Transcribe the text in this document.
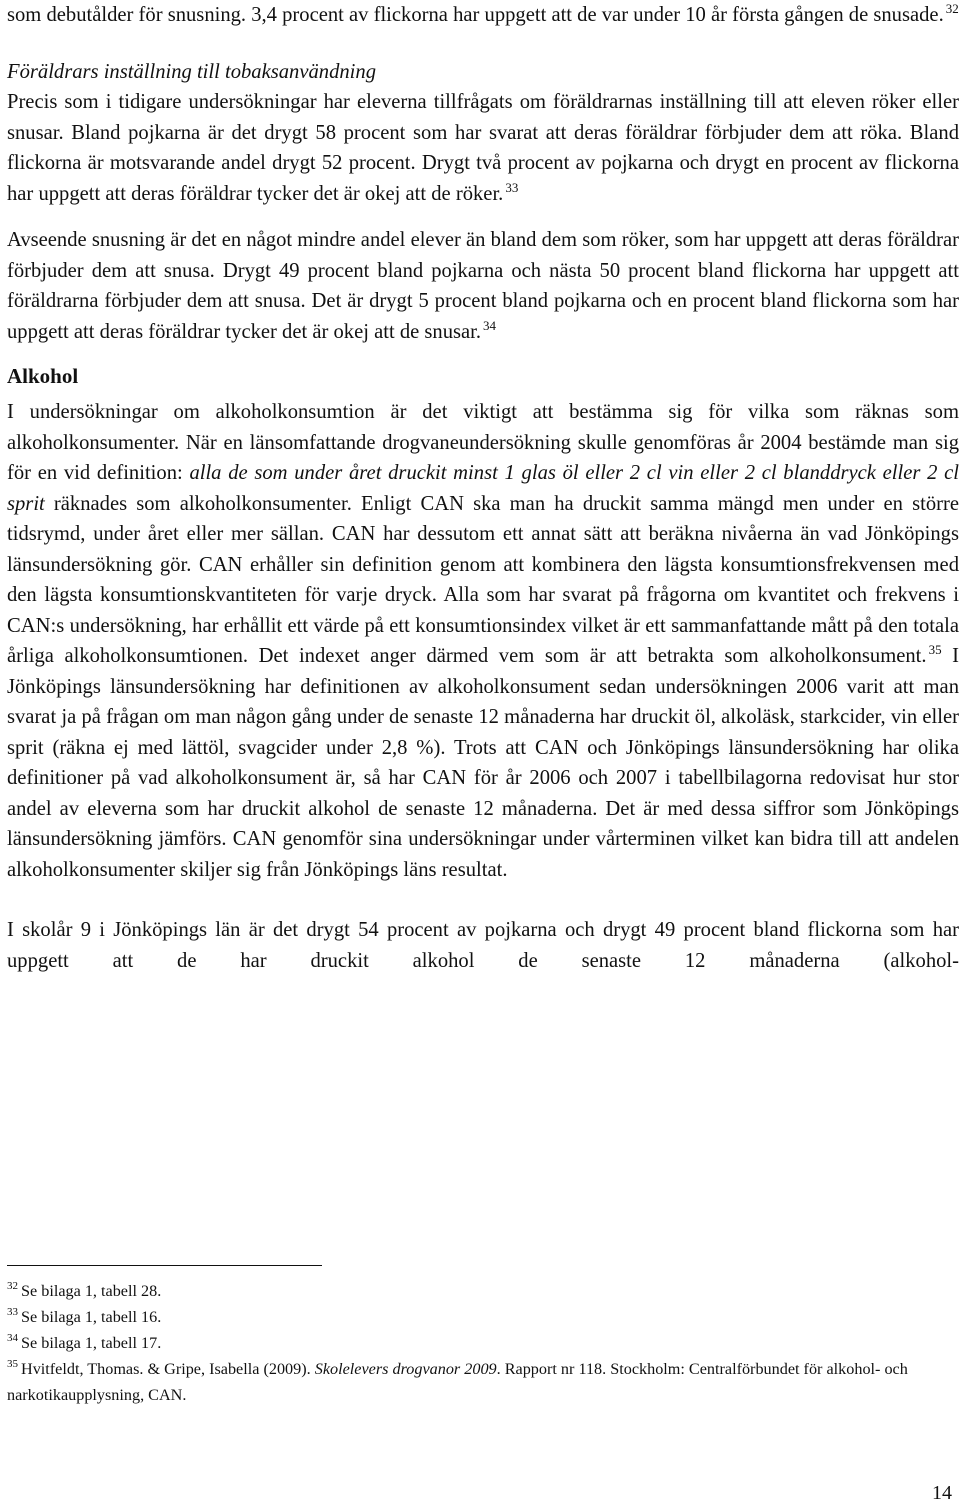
som debutålder för snusning. 3,4 procent av flickorna har uppgett att de var under 10 år första gången de snusade. $^{32}$

Föräldrars inställning till tobaksanvändning

Precis som i tidigare undersökningar har eleverna tillfrågats om föräldrarnas inställning till att eleven röker eller snusar. Bland pojkarna är det drygt 58 procent som har svarat att deras föräldrar förbjuder dem att röka. Bland flickorna är motsvarande andel drygt 52 procent. Drygt två procent av pojkarna och drygt en procent av flickorna har uppgett att deras föräldrar tycker det är okej att de röker. $^{33}$

Avseende snusning är det en något mindre andel elever än bland dem som röker, som har uppgett att deras föräldrar förbjuder dem att snusa. Drygt 49 procent bland pojkarna och nästa 50 procent bland flickorna har uppgett att föräldrarna förbjuder dem att snusa. Det är drygt 5 procent bland pojkarna och en procent bland flickorna som har uppgett att deras föräldrar tycker det är okej att de snusar. $^{34}$

Alkohol

I undersökningar om alkoholkonsumtion är det viktigt att bestämma sig för vilka som räknas som alkoholkonsumenter. När en länsomfattande drogvaneundersökning skulle genomföras år 2004 bestämde man sig för en vid definition: alla de som under året druckit minst 1 glas öl eller 2 cl vin eller 2 cl blanddryck eller 2 cl sprit räknades som alkoholkonsumenter. Enligt CAN ska man ha druckit samma mängd men under en större tidsrymd, under året eller mer sällan. CAN har dessutom ett annat sätt att beräkna nivåerna än vad Jönköpings länsundersökning gör. CAN erhåller sin definition genom att kombinera den lägsta konsumtionsfrekvensen med den lägsta konsumtionskvantiteten för varje dryck. Alla som har svarat på frågorna om kvantitet och frekvens i CAN:s undersökning, har erhållit ett värde på ett konsumtionsindex vilket är ett sammanfattande mått på den totala årliga alkoholkonsumtionen. Det indexet anger därmed vem som är att betrakta som alkoholkonsument. $^{35}$ I Jönköpings länsundersökning har definitionen av alkoholkonsument sedan undersökningen 2006 varit att man svarat ja på frågan om man någon gång under de senaste 12 månaderna har druckit öl, alkoläsk, starkcider, vin eller sprit (räkna ej med lättöl, svagcider under 2,8 %). Trots att CAN och Jönköpings länsundersökning har olika definitioner på vad alkoholkonsument är, så har CAN för år 2006 och 2007 i tabellbilagorna redovisat hur stor andel av eleverna som har druckit alkohol de senaste 12 månaderna. Det är med dessa siffror som Jönköpings länsundersökning jämförs. CAN genomför sina undersökningar under vårterminen vilket kan bidra till att andelen alkoholkonsumenter skiljer sig från Jönköpings läns resultat.

I skolår 9 i Jönköpings län är det drygt 54 procent av pojkarna och drygt 49 procent bland flickorna som har uppgett att de har druckit alkohol de senaste 12 månaderna (alkohol-

$^{32}$ Se bilaga 1, tabell 28.

$^{33}$ Se bilaga 1, tabell 16.

$^{34}$ Se bilaga 1, tabell 17.

$^{35}$ Hvitfeldt, Thomas. & Gripe, Isabella (2009). Skolelevers drogvanor 2009. Rapport nr 118. Stockholm: Centralförbundet för alkohol- och narkotikaupplysning, CAN.

14
